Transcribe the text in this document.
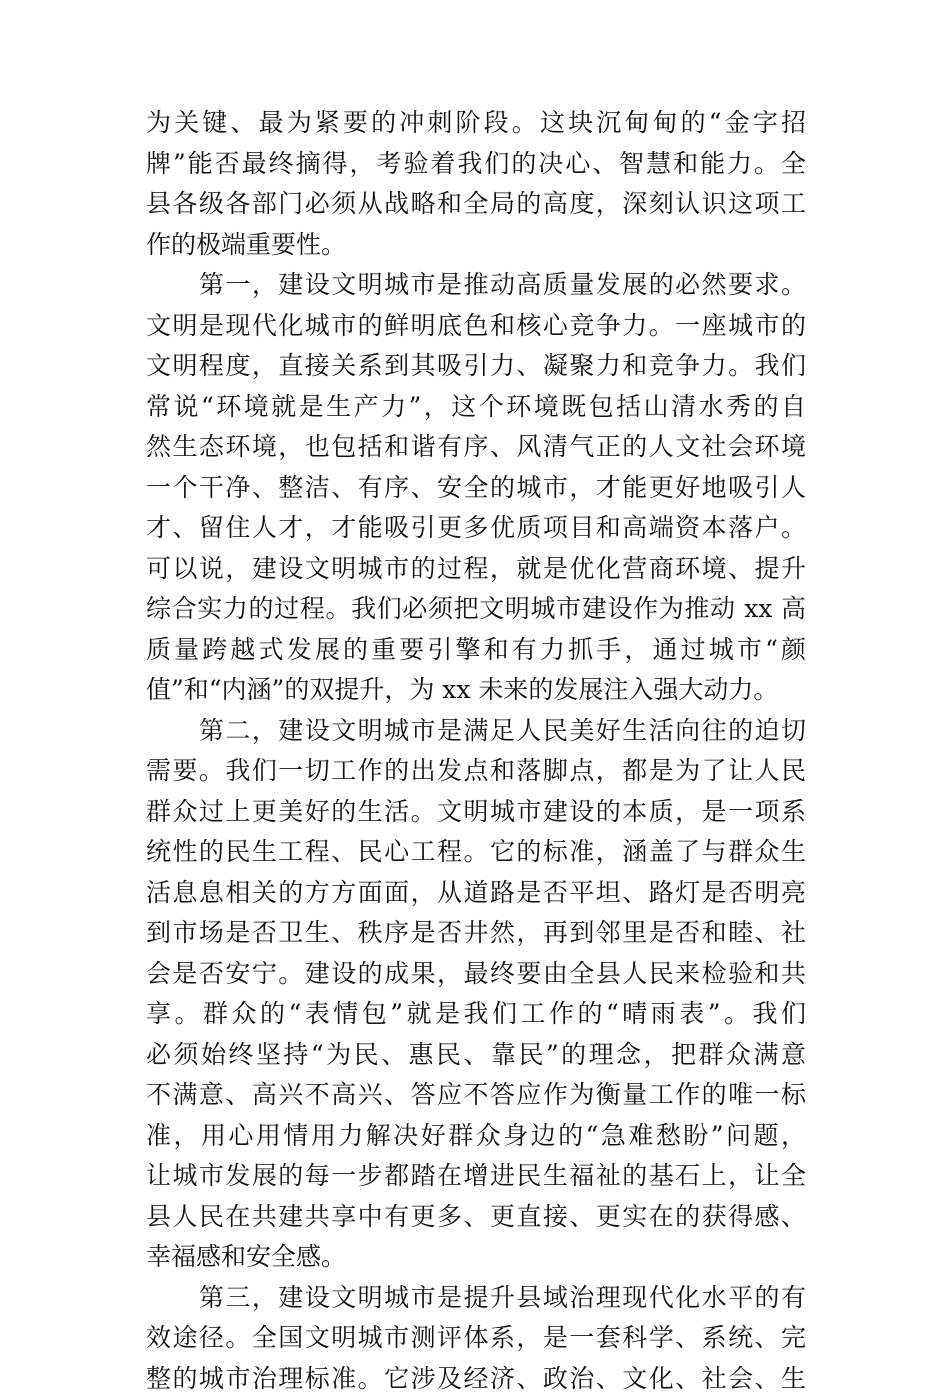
为关键、最为紧要的冲刺阶段。这块沉甸甸的“金字招
牌”能否最终摘得，考验着我们的决心、智慧和能力。全
县各级各部门必须从战略和全局的高度，深刻认识这项工
作的极端重要性。
　　第一，建设文明城市是推动高质量发展的必然要求。
文明是现代化城市的鲜明底色和核心竞争力。一座城市的
文明程度，直接关系到其吸引力、凝聚力和竞争力。我们
常说“环境就是生产力”，这个环境既包括山清水秀的自
然生态环境，也包括和谐有序、风清气正的人文社会环境
一个干净、整洁、有序、安全的城市，才能更好地吸引人
才、留住人才，才能吸引更多优质项目和高端资本落户。
可以说，建设文明城市的过程，就是优化营商环境、提升
综合实力的过程。我们必须把文明城市建设作为推动 xx 高
质量跨越式发展的重要引擎和有力抓手，通过城市“颜
值”和“内涵”的双提升，为 xx 未来的发展注入强大动力。
　　第二，建设文明城市是满足人民美好生活向往的迫切
需要。我们一切工作的出发点和落脚点，都是为了让人民
群众过上更美好的生活。文明城市建设的本质，是一项系
统性的民生工程、民心工程。它的标准，涵盖了与群众生
活息息相关的方方面面，从道路是否平坦、路灯是否明亮
到市场是否卫生、秩序是否井然，再到邻里是否和睦、社
会是否安宁。建设的成果，最终要由全县人民来检验和共
享。群众的“表情包”就是我们工作的“晴雨表”。我们
必须始终坚持“为民、惠民、靠民”的理念，把群众满意
不满意、高兴不高兴、答应不答应作为衡量工作的唯一标
准，用心用情用力解决好群众身边的“急难愁盼”问题，
让城市发展的每一步都踏在增进民生福祉的基石上，让全
县人民在共建共享中有更多、更直接、更实在的获得感、
幸福感和安全感。
　　第三，建设文明城市是提升县域治理现代化水平的有
效途径。全国文明城市测评体系，是一套科学、系统、完
整的城市治理标准。它涉及经济、政治、文化、社会、生
